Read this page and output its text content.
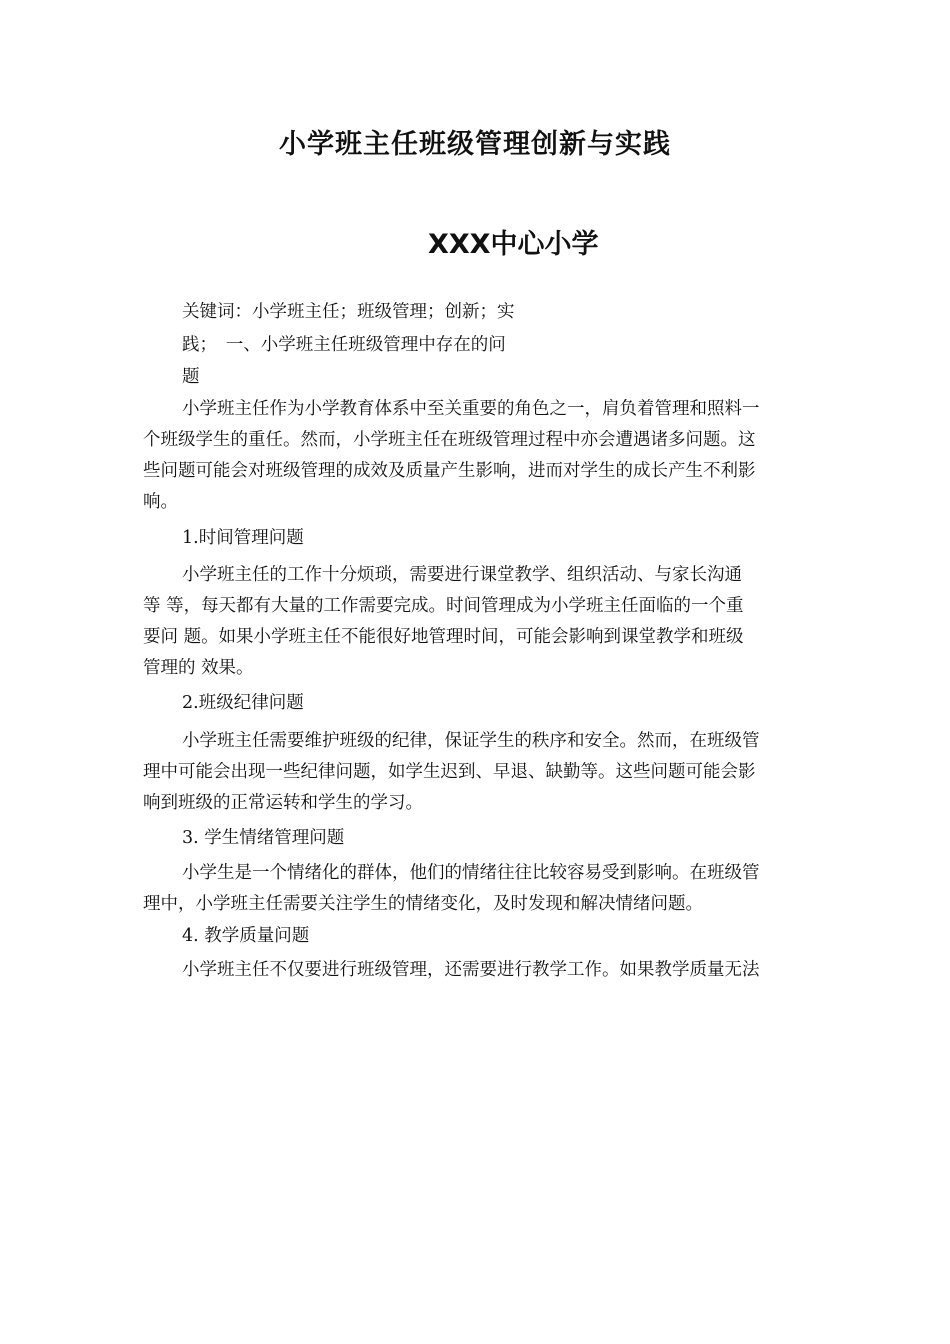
小学班主任班级管理创新与实践
XXX中心小学
关键词：小学班主任；班级管理；创新；实
践；　一、小学班主任班级管理中存在的问
题
小学班主任作为小学教育体系中至关重要的角色之一，肩负着管理和照料一
个班级学生的重任。然而，小学班主任在班级管理过程中亦会遭遇诸多问题。这
些问题可能会对班级管理的成效及质量产生影响，进而对学生的成长产生不利影
响。
1.时间管理问题
小学班主任的工作十分烦琐，需要进行课堂教学、组织活动、与家长沟通
等 等，每天都有大量的工作需要完成。时间管理成为小学班主任面临的一个重
要问 题。如果小学班主任不能很好地管理时间，可能会影响到课堂教学和班级
管理的 效果。
2.班级纪律问题
小学班主任需要维护班级的纪律，保证学生的秩序和安全。然而，在班级管
理中可能会出现一些纪律问题，如学生迟到、早退、缺勤等。这些问题可能会影
响到班级的正常运转和学生的学习。
3. 学生情绪管理问题
小学生是一个情绪化的群体，他们的情绪往往比较容易受到影响。在班级管
理中，小学班主任需要关注学生的情绪变化，及时发现和解决情绪问题。
4. 教学质量问题
小学班主任不仅要进行班级管理，还需要进行教学工作。如果教学质量无法
